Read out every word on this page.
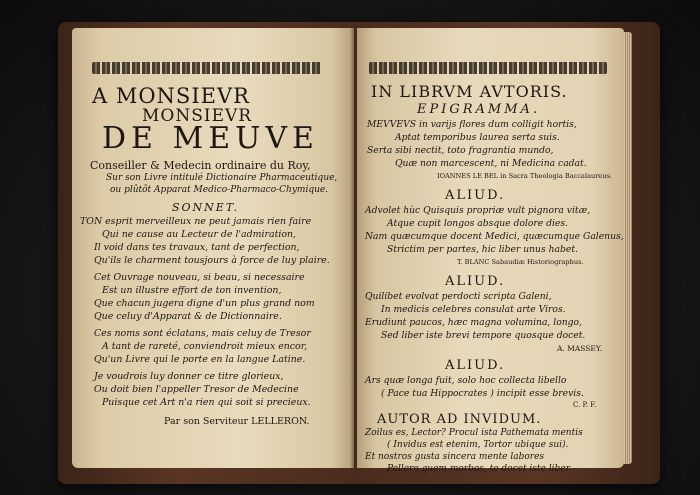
A MONSIEVR
MONSIEVR
DE MEUVE
Conseiller & Medecin ordinaire du Roy,
Sur son Livre intitulé Dictionaire Pharmaceutique,
ou plûtôt Apparat Medico-Pharmaco-Chymique.
SONNET.
TON esprit merveilleux ne peut jamais rien faire
Qui ne cause au Lecteur de l'admiration,
Il void dans tes travaux, tant de perfection,
Qu'ils le charment tousjours à force de luy plaire.
Cet Ouvrage nouveau, si beau, si necessaire
Est un illustre effort de ton invention,
Que chacun jugera digne d'un plus grand nom
Que celuy d'Apparat & de Dictionnaire.
Ces noms sont éclatans, mais celuy de Tresor
A tant de rareté, conviendroit mieux encor,
Qu'un Livre qui le porte en la langue Latine.
Je voudrois luy donner ce titre glorieux,
Ou doit bien l'appeller Tresor de Medecine
Puisque cet Art n'a rien qui soit si precieux.
Par son Serviteur LELLERON.
IN LIBRVM AVTORIS.
EPIGRAMMA.
MEVVEVS in varijs flores dum colligit hortis,
Aptat temporibus laurea serta suis.
Serta sibi nectit, toto fragrantia mundo,
Quæ non marcescent, ni Medicina cadat.
IOANNES LE BEL in Sacra Theologia Baccalaureus.
ALIUD.
Advolet hùc Quisquis propriæ vult pignora vitæ,
Atque cupit longos absque dolore dies.
Nam quæcumque docent Medici, quæcumque Galenus,
Strictim per partes, hic liber unus habet.
T. BLANC Sabaudiæ Historiographus.
ALIUD.
Quilibet evolvat perdocti scripta Galeni,
In medicis celebres consulat arte Viros.
Erudiunt paucos, hæc magna volumina, longo,
Sed liber iste brevi tempore quosque docet.
A. MASSEY.
ALIUD.
Ars quæ longa fuit, solo hoc collecta libello
( Pace tua Hippocrates ) incipit esse brevis.
C. P. F.
AUTOR AD INVIDUM.
Zoilus es, Lector? Procul ista Pathemata mentis
( Invidus est etenim, Tortor ubique sui).
Et nostros gusta sincera mente labores
Pellere quem morbos, te docet iste liber.
